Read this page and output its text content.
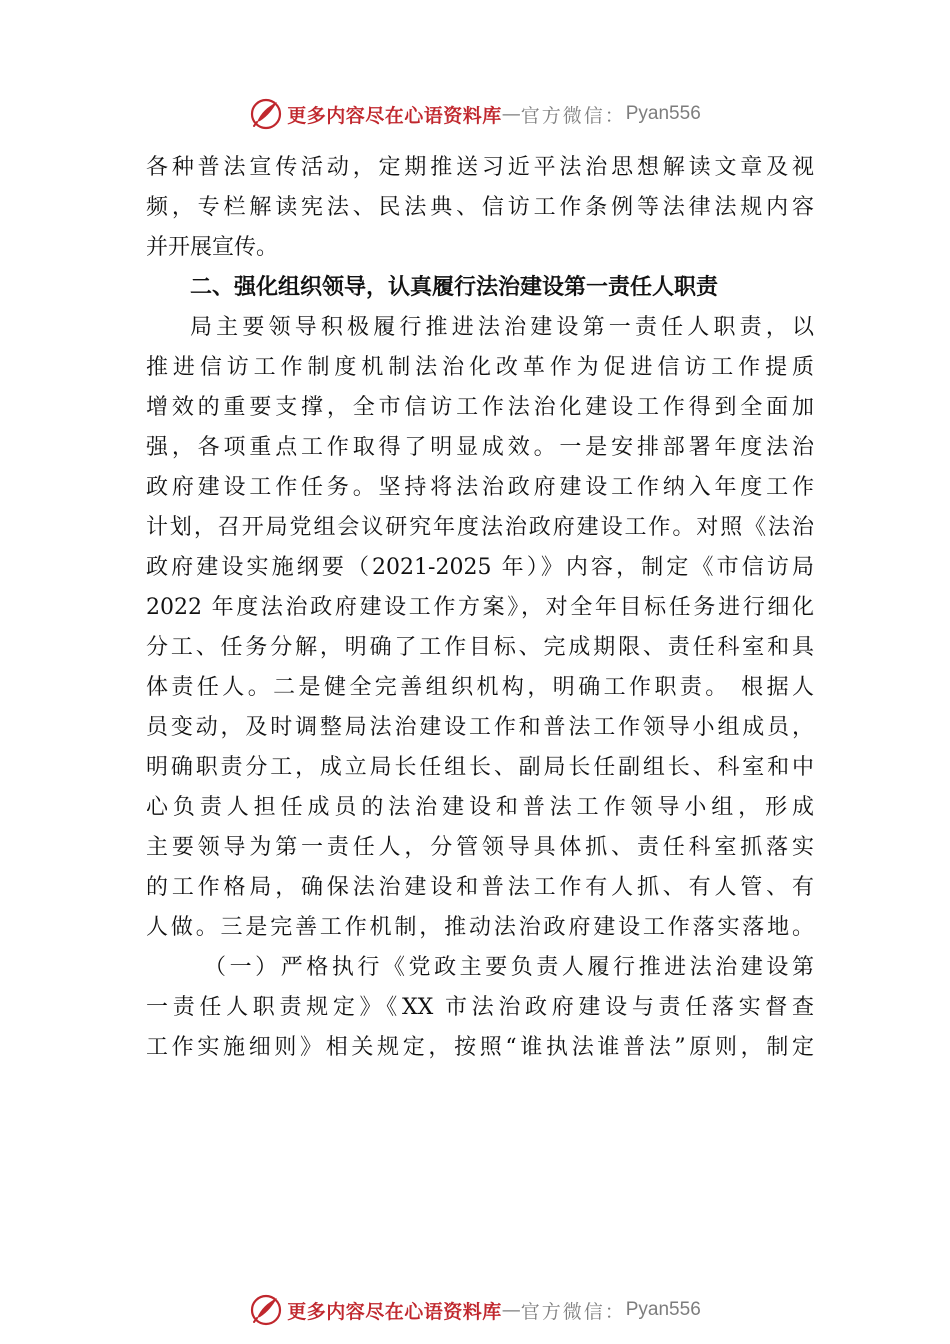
更多内容尽在心语资料库 — 官方微信： Pyan556
各种普法宣传活动，定期推送习近平法治思想解读文章及视
频，专栏解读宪法、民法典、信访工作条例等法律法规内容
并开展宣传。
二、强化组织领导，认真履行法治建设第一责任人职责
局主要领导积极履行推进法治建设第一责任人职责，以
推进信访工作制度机制法治化改革作为促进信访工作提质
增效的重要支撑，全市信访工作法治化建设工作得到全面加
强，各项重点工作取得了明显成效。一是安排部署年度法治
政府建设工作任务。坚持将法治政府建设工作纳入年度工作
计划，召开局党组会议研究年度法治政府建设工作。对照《法治
政府建设实施纲要（2021-2025 年）》内容，制定《市信访局
2022 年度法治政府建设工作方案》，对全年目标任务进行细化
分工、任务分解，明确了工作目标、完成期限、责任科室和具
体责任人。二是健全完善组织机构，明确工作职责。 根据人
员变动，及时调整局法治建设工作和普法工作领导小组成员，
明确职责分工，成立局长任组长、副局长任副组长、科室和中
心负责人担任成员的法治建设和普法工作领导小组，形成
主要领导为第一责任人，分管领导具体抓、责任科室抓落实
的工作格局，确保法治建设和普法工作有人抓、有人管、有
人做。三是完善工作机制，推动法治政府建设工作落实落地。
（一）严格执行《党政主要负责人履行推进法治建设第
一责任人职责规定》《XX 市法治政府建设与责任落实督查
工作实施细则》相关规定，按照“谁执法谁普法”原则，制定
更多内容尽在心语资料库 — 官方微信： Pyan556
